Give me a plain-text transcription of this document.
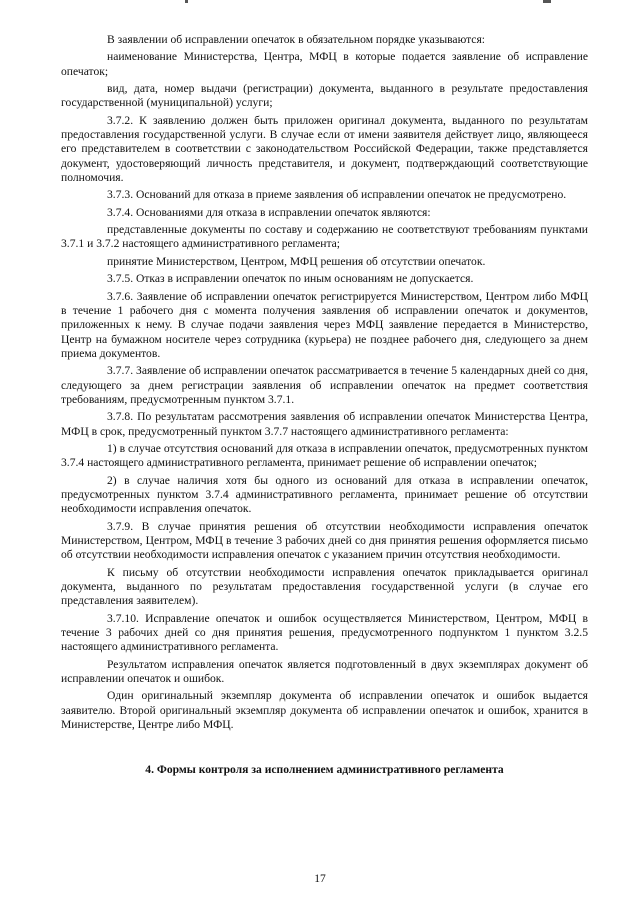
В заявлении об исправлении опечаток в обязательном порядке указываются:

наименование Министерства, Центра, МФЦ в которые подается заявление об исправление опечаток;

вид, дата, номер выдачи (регистрации) документа, выданного в результате предоставления государственной (муниципальной) услуги;

3.7.2. К заявлению должен быть приложен оригинал документа, выданного по результатам предоставления государственной услуги. В случае если от имени заявителя действует лицо, являющееся его представителем в соответствии с законодательством Российской Федерации, также представляется документ, удостоверяющий личность представителя, и документ, подтверждающий соответствующие полномочия.

3.7.3. Оснований для отказа в приеме заявления об исправлении опечаток не предусмотрено.

3.7.4. Основаниями для отказа в исправлении опечаток являются:

представленные документы по составу и содержанию не соответствуют требованиям пунктами 3.7.1 и 3.7.2 настоящего административного регламента;

принятие Министерством, Центром, МФЦ решения об отсутствии опечаток.

3.7.5. Отказ в исправлении опечаток по иным основаниям не допускается.

3.7.6. Заявление об исправлении опечаток регистрируется Министерством, Центром либо МФЦ в течение 1 рабочего дня с момента получения заявления об исправлении опечаток и документов, приложенных к нему. В случае подачи заявления через МФЦ заявление передается в Министерство, Центр на бумажном носителе через сотрудника (курьера) не позднее рабочего дня, следующего за днем приема документов.

3.7.7. Заявление об исправлении опечаток рассматривается в течение 5 календарных дней со дня, следующего за днем регистрации заявления об исправлении опечаток на предмет соответствия требованиям, предусмотренным пунктом 3.7.1.

3.7.8. По результатам рассмотрения заявления об исправлении опечаток Министерства Центра, МФЦ в срок, предусмотренный пунктом 3.7.7 настоящего административного регламента:

1) в случае отсутствия оснований для отказа в исправлении опечаток, предусмотренных пунктом 3.7.4 настоящего административного регламента, принимает решение об исправлении опечаток;

2) в случае наличия хотя бы одного из оснований для отказа в исправлении опечаток, предусмотренных пунктом 3.7.4 административного регламента, принимает решение об отсутствии необходимости исправления опечаток.

3.7.9. В случае принятия решения об отсутствии необходимости исправления опечаток Министерством, Центром, МФЦ в течение 3 рабочих дней со дня принятия решения оформляется письмо об отсутствии необходимости исправления опечаток с указанием причин отсутствия необходимости.

К письму об отсутствии необходимости исправления опечаток прикладывается оригинал документа, выданного по результатам предоставления государственной услуги (в случае его представления заявителем).

3.7.10. Исправление опечаток и ошибок осуществляется Министерством, Центром, МФЦ в течение 3 рабочих дней со дня принятия решения, предусмотренного подпунктом 1 пунктом 3.2.5 настоящего административного регламента.

Результатом исправления опечаток является подготовленный в двух экземплярах документ об исправлении опечаток и ошибок.

Один оригинальный экземпляр документа об исправлении опечаток и ошибок выдается заявителю. Второй оригинальный экземпляр документа об исправлении опечаток и ошибок, хранится в Министерстве, Центре либо МФЦ.

4. Формы контроля за исполнением административного регламента

17
